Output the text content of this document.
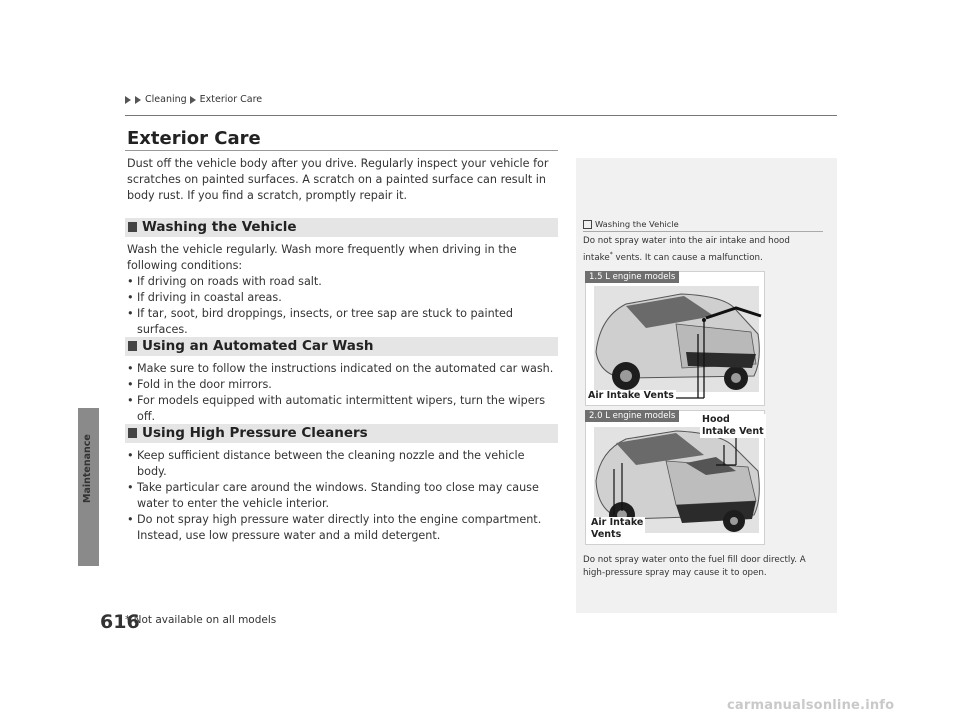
Cleaning Exterior Care
Exterior Care
Dust off the vehicle body after you drive. Regularly inspect your vehicle for scratches on painted surfaces. A scratch on a painted surface can result in body rust. If you find a scratch, promptly repair it.
Washing the Vehicle
Wash the vehicle regularly. Wash more frequently when driving in the following conditions:
• If driving on roads with road salt.
• If driving in coastal areas.
• If tar, soot, bird droppings, insects, or tree sap are stuck to painted surfaces.
Using an Automated Car Wash
• Make sure to follow the instructions indicated on the automated car wash.
• Fold in the door mirrors.
• For models equipped with automatic intermittent wipers, turn the wipers off.
Using High Pressure Cleaners
• Keep sufficient distance between the cleaning nozzle and the vehicle body.
• Take particular care around the windows. Standing too close may cause water to enter the vehicle interior.
• Do not spray high pressure water directly into the engine compartment. Instead, use low pressure water and a mild detergent.
Washing the Vehicle
Do not spray water into the air intake and hood
intake* vents. It can cause a malfunction.
1.5 L engine models
Air Intake Vents
2.0 L engine models	Hood
Intake Vent
Air Intake
Vents
Do not spray water onto the fuel fill door directly. A high-pressure spray may cause it to open.
Maintenance
616
* Not available on all models
carmanualsonline.info
